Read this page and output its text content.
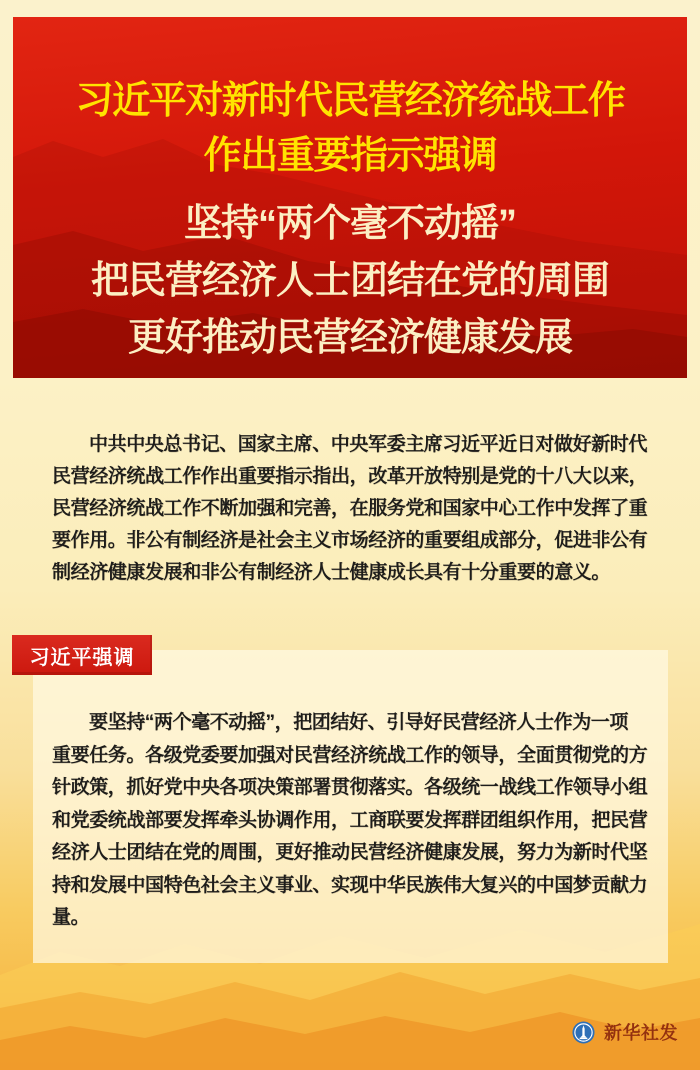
习近平对新时代民营经济统战工作
作出重要指示强调
坚持“两个毫不动摇”
把民营经济人士团结在党的周围
更好推动民营经济健康发展
中共中央总书记、国家主席、中央军委主席习近平近日对做好新时代
民营经济统战工作作出重要指示指出，改革开放特别是党的十八大以来，
民营经济统战工作不断加强和完善，在服务党和国家中心工作中发挥了重
要作用。非公有制经济是社会主义市场经济的重要组成部分，促进非公有
制经济健康发展和非公有制经济人士健康成长具有十分重要的意义。
习近平强调
要坚持“两个毫不动摇”，把团结好、引导好民营经济人士作为一项
重要任务。各级党委要加强对民营经济统战工作的领导，全面贯彻党的方
针政策，抓好党中央各项决策部署贯彻落实。各级统一战线工作领导小组
和党委统战部要发挥牵头协调作用，工商联要发挥群团组织作用，把民营
经济人士团结在党的周围，更好推动民营经济健康发展，努力为新时代坚
持和发展中国特色社会主义事业、实现中华民族伟大复兴的中国梦贡献力
量。
新华社发
